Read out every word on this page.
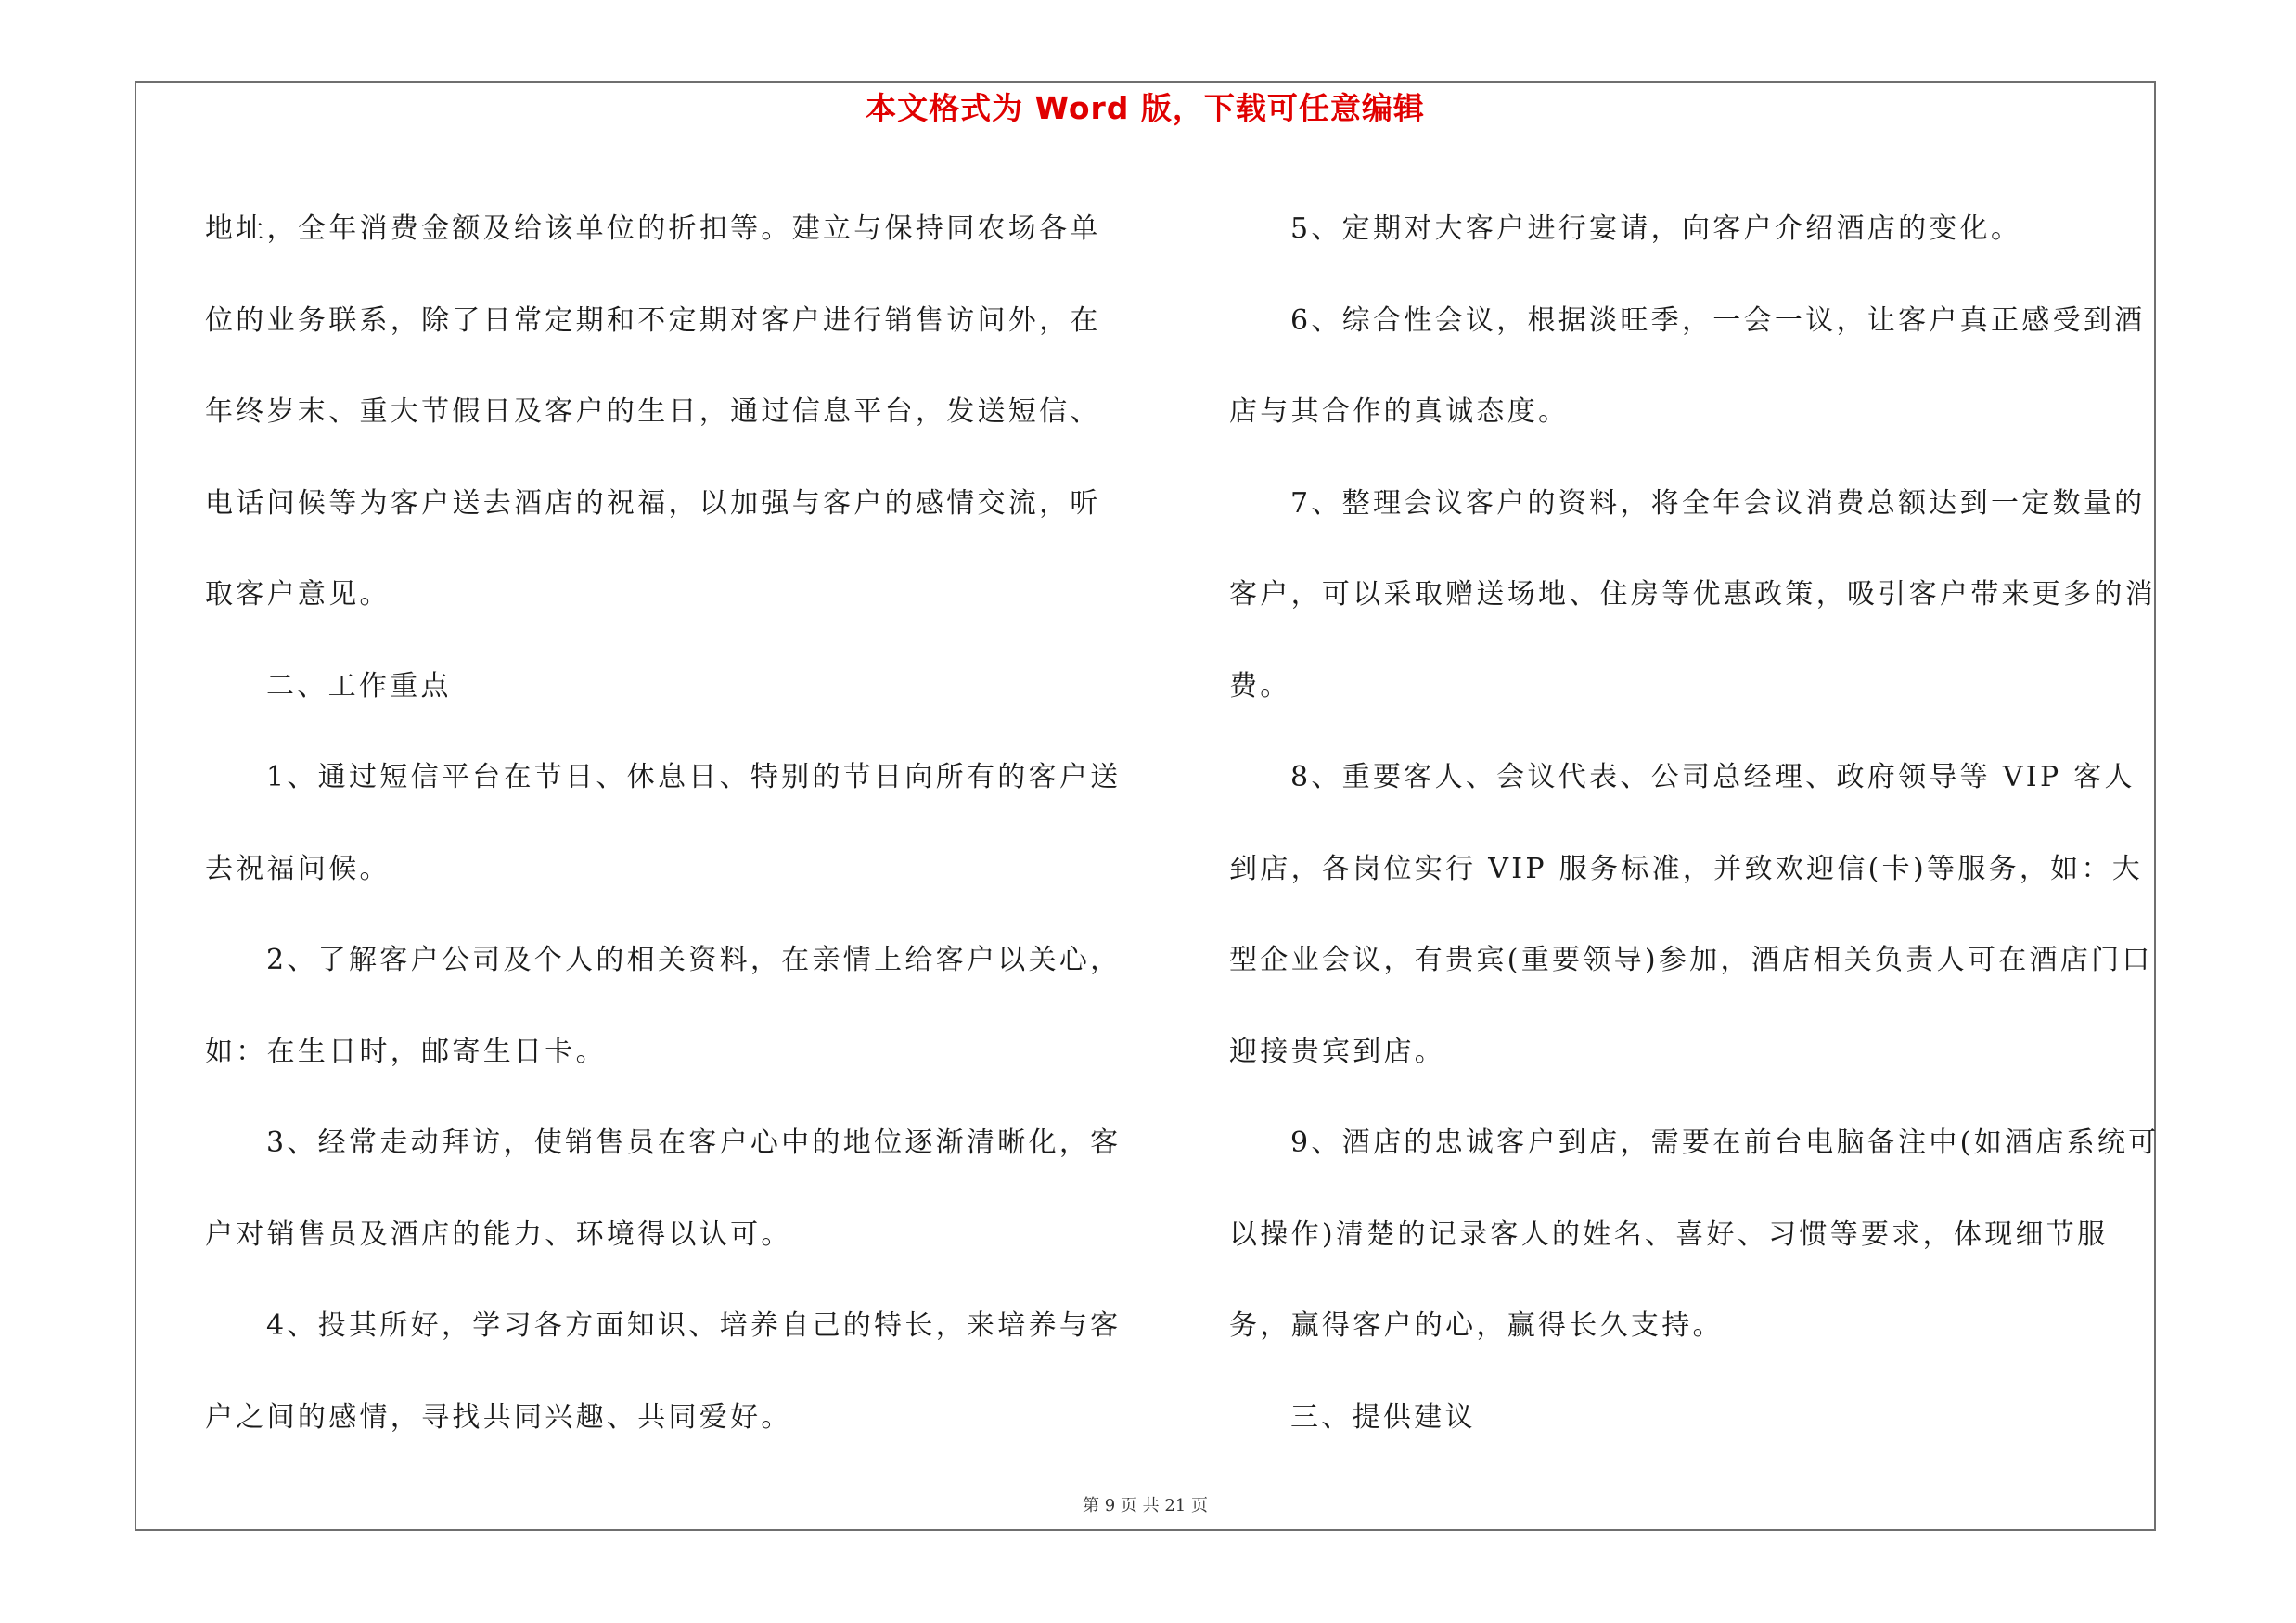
本文格式为 Word 版，下载可任意编辑

地址，全年消费金额及给该单位的折扣等。建立与保持同农场各单位的业务联系，除了日常定期和不定期对客户进行销售访问外，在年终岁末、重大节假日及客户的生日，通过信息平台，发送短信、电话问候等为客户送去酒店的祝福，以加强与客户的感情交流，听取客户意见。

二、工作重点

1、通过短信平台在节日、休息日、特别的节日向所有的客户送去祝福问候。

2、了解客户公司及个人的相关资料，在亲情上给客户以关心，如：在生日时，邮寄生日卡。

3、经常走动拜访，使销售员在客户心中的地位逐渐清晰化，客户对销售员及酒店的能力、环境得以认可。

4、投其所好，学习各方面知识、培养自己的特长，来培养与客户之间的感情，寻找共同兴趣、共同爱好。

5、定期对大客户进行宴请，向客户介绍酒店的变化。

6、综合性会议，根据淡旺季，一会一议，让客户真正感受到酒店与其合作的真诚态度。

7、整理会议客户的资料，将全年会议消费总额达到一定数量的客户，可以采取赠送场地、住房等优惠政策，吸引客户带来更多的消费。

8、重要客人、会议代表、公司总经理、政府领导等 VIP 客人到店，各岗位实行 VIP 服务标准，并致欢迎信(卡)等服务，如：大型企业会议，有贵宾(重要领导)参加，酒店相关负责人可在酒店门口迎接贵宾到店。

9、酒店的忠诚客户到店，需要在前台电脑备注中(如酒店系统可以操作)清楚的记录客人的姓名、喜好、习惯等要求，体现细节服务，赢得客户的心，赢得长久支持。

三、提供建议

第 9 页 共 21 页
